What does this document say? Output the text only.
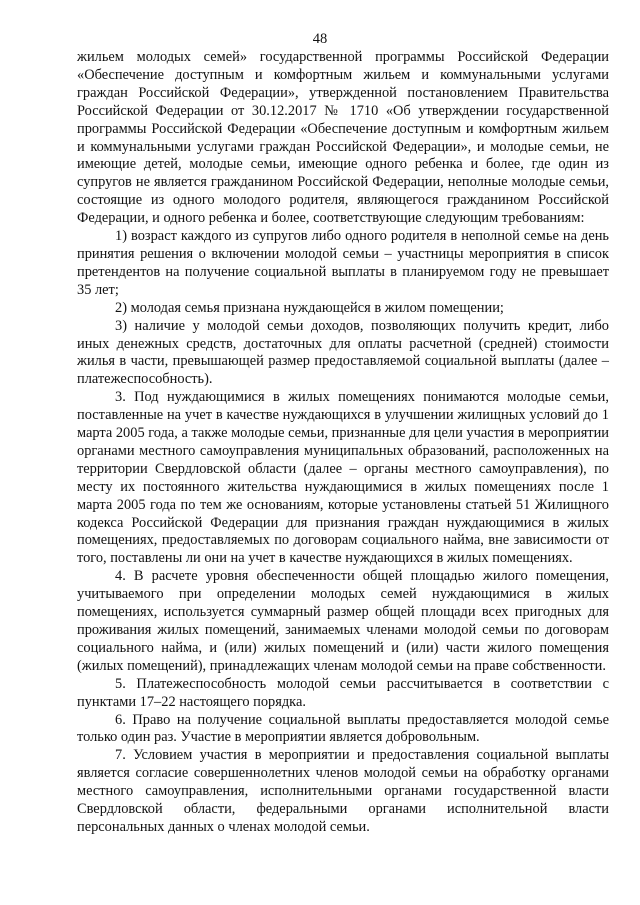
48

жильем молодых семей» государственной программы Российской Федерации «Обеспечение доступным и комфортным жильем и коммунальными услугами граждан Российской Федерации», утвержденной постановлением Правительства Российской Федерации от 30.12.2017 № 1710 «Об утверждении государственной программы Российской Федерации «Обеспечение доступным и комфортным жильем и коммунальными услугами граждан Российской Федерации», и молодые семьи, не имеющие детей, молодые семьи, имеющие одного ребенка и более, где один из супругов не является гражданином Российской Федерации, неполные молодые семьи, состоящие из одного молодого родителя, являющегося гражданином Российской Федерации, и одного ребенка и более, соответствующие следующим требованиям:

1) возраст каждого из супругов либо одного родителя в неполной семье на день принятия решения о включении молодой семьи – участницы мероприятия в список претендентов на получение социальной выплаты в планируемом году не превышает 35 лет;

2) молодая семья признана нуждающейся в жилом помещении;

3) наличие у молодой семьи доходов, позволяющих получить кредит, либо иных денежных средств, достаточных для оплаты расчетной (средней) стоимости жилья в части, превышающей размер предоставляемой социальной выплаты (далее – платежеспособность).

3. Под нуждающимися в жилых помещениях понимаются молодые семьи, поставленные на учет в качестве нуждающихся в улучшении жилищных условий до 1 марта 2005 года, а также молодые семьи, признанные для цели участия в мероприятии органами местного самоуправления муниципальных образований, расположенных на территории Свердловской области (далее – органы местного самоуправления), по месту их постоянного жительства нуждающимися в жилых помещениях после 1 марта 2005 года по тем же основаниям, которые установлены статьей 51 Жилищного кодекса Российской Федерации для признания граждан нуждающимися в жилых помещениях, предоставляемых по договорам социального найма, вне зависимости от того, поставлены ли они на учет в качестве нуждающихся в жилых помещениях.

4. В расчете уровня обеспеченности общей площадью жилого помещения, учитываемого при определении молодых семей нуждающимися в жилых помещениях, используется суммарный размер общей площади всех пригодных для проживания жилых помещений, занимаемых членами молодой семьи по договорам социального найма, и (или) жилых помещений и (или) части жилого помещения (жилых помещений), принадлежащих членам молодой семьи на праве собственности.

5. Платежеспособность молодой семьи рассчитывается в соответствии с пунктами 17–22 настоящего порядка.

6. Право на получение социальной выплаты предоставляется молодой семье только один раз. Участие в мероприятии является добровольным.

7. Условием участия в мероприятии и предоставления социальной выплаты является согласие совершеннолетних членов молодой семьи на обработку органами местного самоуправления, исполнительными органами государственной власти Свердловской области, федеральными органами исполнительной власти персональных данных о членах молодой семьи.
